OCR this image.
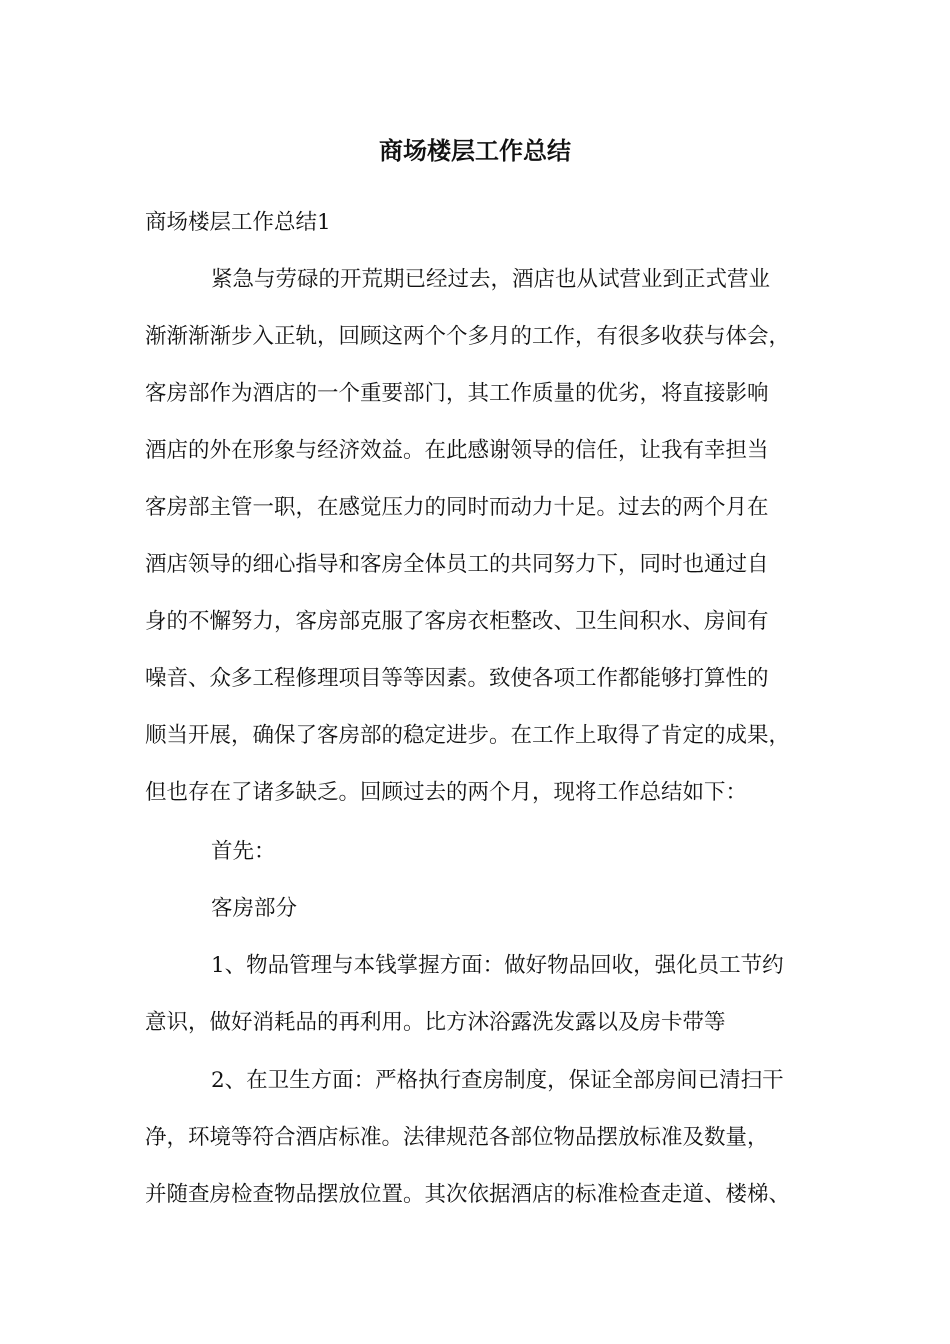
商场楼层工作总结
商场楼层工作总结1
紧急与劳碌的开荒期已经过去，酒店也从试营业到正式营业
渐渐渐渐步入正轨，回顾这两个个多月的工作，有很多收获与体会，
客房部作为酒店的一个重要部门，其工作质量的优劣，将直接影响
酒店的外在形象与经济效益。在此感谢领导的信任，让我有幸担当
客房部主管一职，在感觉压力的同时而动力十足。过去的两个月在
酒店领导的细心指导和客房全体员工的共同努力下，同时也通过自
身的不懈努力，客房部克服了客房衣柜整改、卫生间积水、房间有
噪音、众多工程修理项目等等因素。致使各项工作都能够打算性的
顺当开展，确保了客房部的稳定进步。在工作上取得了肯定的成果，
但也存在了诸多缺乏。回顾过去的两个月，现将工作总结如下：
首先：
客房部分
1、物品管理与本钱掌握方面：做好物品回收，强化员工节约
意识，做好消耗品的再利用。比方沐浴露洗发露以及房卡带等
2、在卫生方面：严格执行查房制度，保证全部房间已清扫干
净，环境等符合酒店标准。法律规范各部位物品摆放标准及数量，
并随查房检查物品摆放位置。其次依据酒店的标准检查走道、楼梯、
